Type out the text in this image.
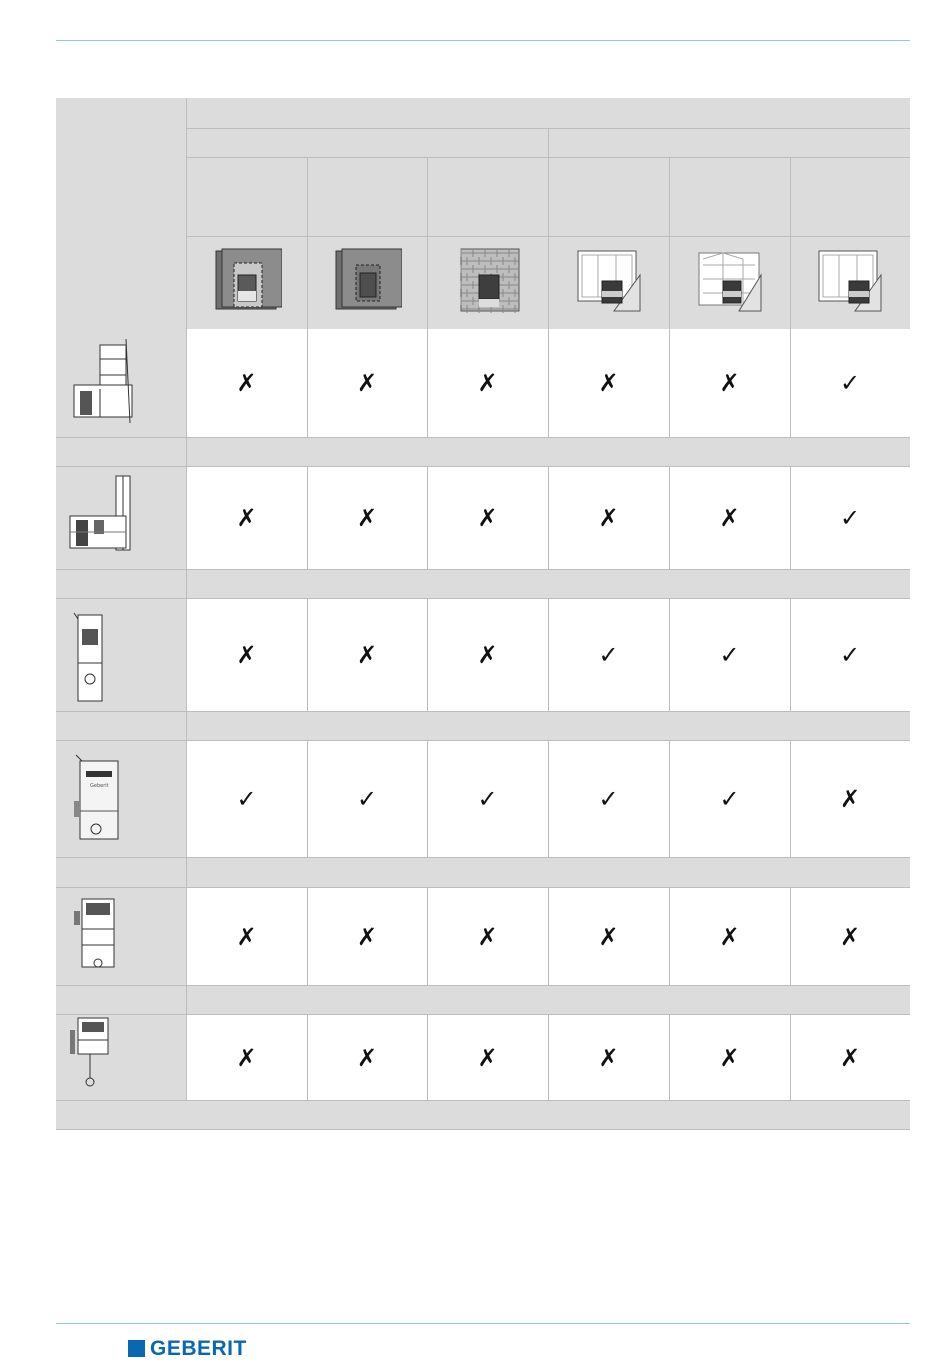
✗	✗	✗	✗	✗	✓
✗	✗	✗	✗	✗	✓
✗	✗	✗	✓	✓	✓
Geberit	✓	✓	✓	✓	✓	✗
✗	✗	✗	✗	✗	✗
✗	✗	✗	✗	✗	✗
GEBERIT
